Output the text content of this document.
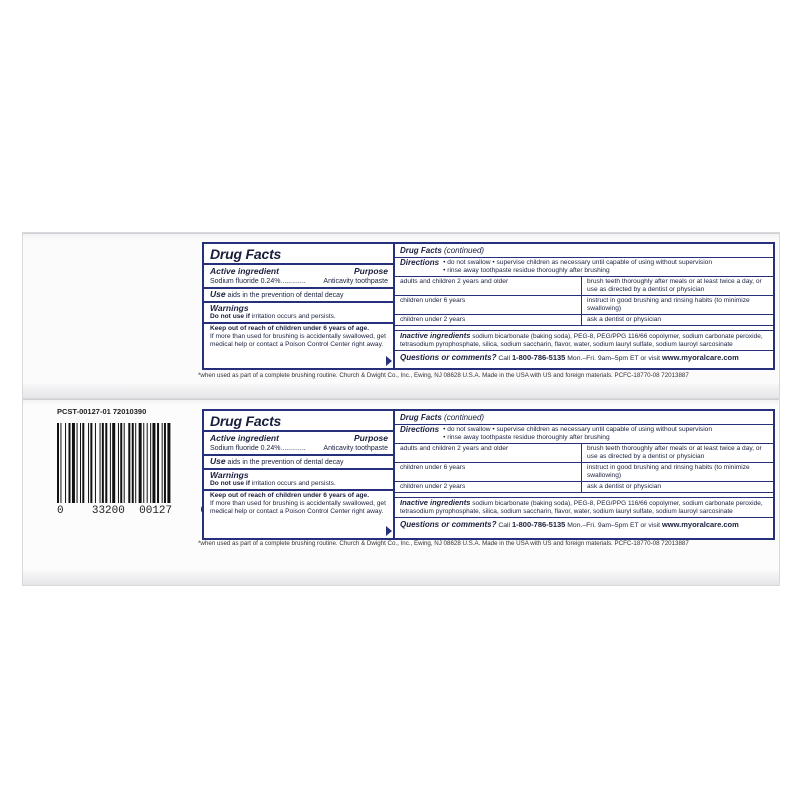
Drug Facts
Active ingredient	Purpose
Sodium fluoride 0.24%.............	Anticavity toothpaste
Use aids in the prevention of dental decay
Warnings

Do not use if irritation occurs and persists.

Keep out of reach of children under 6 years of age.

If more than used for brushing is accidentally swallowed, get medical help or contact a Poison Control Center right away.

Drug Facts (continued)
Directions • do not swallow • supervise children as necessary until capable of using without supervision
• rinse away toothpaste residue thoroughly after brushing
adults and children 2 years and older	brush teeth thoroughly after meals or at least twice a day, or use as directed by a dentist or physician
children under 6 years	instruct in good brushing and rinsing habits (to minimize swallowing)
children under 2 years	ask a dentist or physician
Inactive ingredients sodium bicarbonate (baking soda), PEG-8, PEG/PPG 116/66 copolymer, sodium carbonate peroxide, tetrasodium pyrophosphate, silica, sodium saccharin, flavor, water, sodium lauryl sulfate, sodium lauroyl sarcosinate
Questions or comments? Call 1-800-786-5135 Mon.–Fri. 9am–5pm ET or visit www.myoralcare.com
*when used as part of a complete brushing routine. Church & Dwight Co., Inc., Ewing, NJ 08628 U.S.A. Made in the USA with US and foreign materials. PCFC-18770-08 72013887
PCST-00127-01 72010390
0	33200 00127
Drug Facts
Active ingredient	Purpose
Sodium fluoride 0.24%.............	Anticavity toothpaste
Use aids in the prevention of dental decay
Warnings

Do not use if irritation occurs and persists.

Keep out of reach of children under 6 years of age.

If more than used for brushing is accidentally swallowed, get medical help or contact a Poison Control Center right away.

Drug Facts (continued)
Directions • do not swallow • supervise children as necessary until capable of using without supervision
• rinse away toothpaste residue thoroughly after brushing
adults and children 2 years and older	brush teeth thoroughly after meals or at least twice a day, or use as directed by a dentist or physician
children under 6 years	instruct in good brushing and rinsing habits (to minimize swallowing)
children under 2 years	ask a dentist or physician
Inactive ingredients sodium bicarbonate (baking soda), PEG-8, PEG/PPG 116/66 copolymer, sodium carbonate peroxide, tetrasodium pyrophosphate, silica, sodium saccharin, flavor, water, sodium lauryl sulfate, sodium lauroyl sarcosinate
Questions or comments? Call 1-800-786-5135 Mon.–Fri. 9am–5pm ET or visit www.myoralcare.com
*when used as part of a complete brushing routine. Church & Dwight Co., Inc., Ewing, NJ 08628 U.S.A. Made in the USA with US and foreign materials. PCFC-18770-08 72013887
